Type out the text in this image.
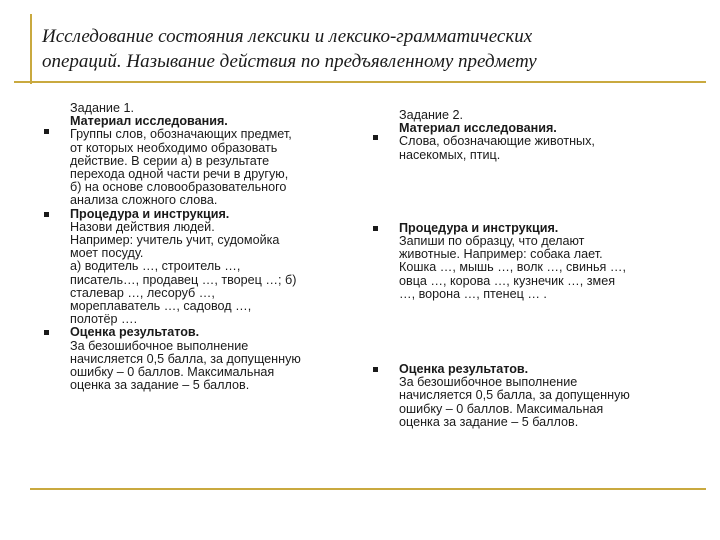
Исследование состояния лексики и лексико-грамматических
операций. Называние действия по предъявленному предмету
Задание 1.
Материал исследования.
Группы слов, обозначающих предмет,
от которых необходимо образовать
действие. В серии а) в результате
перехода одной части речи в другую,
б) на основе словообразовательного
анализа сложного слова.
Процедура и инструкция.
Назови действия людей.
Например: учитель учит, судомойка
моет посуду.
а) водитель …, строитель …,
писатель…, продавец …, творец …; б)
сталевар …, лесоруб …,
мореплаватель …, садовод …,
полотёр ….
Оценка результатов.
За безошибочное выполнение
начисляется 0,5 балла, за допущенную
ошибку – 0 баллов. Максимальная
оценка за задание – 5 баллов.
Задание 2.
Материал исследования.
Слова, обозначающие животных,
насекомых, птиц.
Процедура и инструкция.
Запиши по образцу, что делают
животные. Например: собака лает.
Кошка …, мышь …, волк …, свинья …,
овца …, корова …, кузнечик …, змея
…, ворона …, птенец … .
Оценка результатов.
За безошибочное выполнение
начисляется 0,5 балла, за допущенную
ошибку – 0 баллов. Максимальная
оценка за задание – 5 баллов.
